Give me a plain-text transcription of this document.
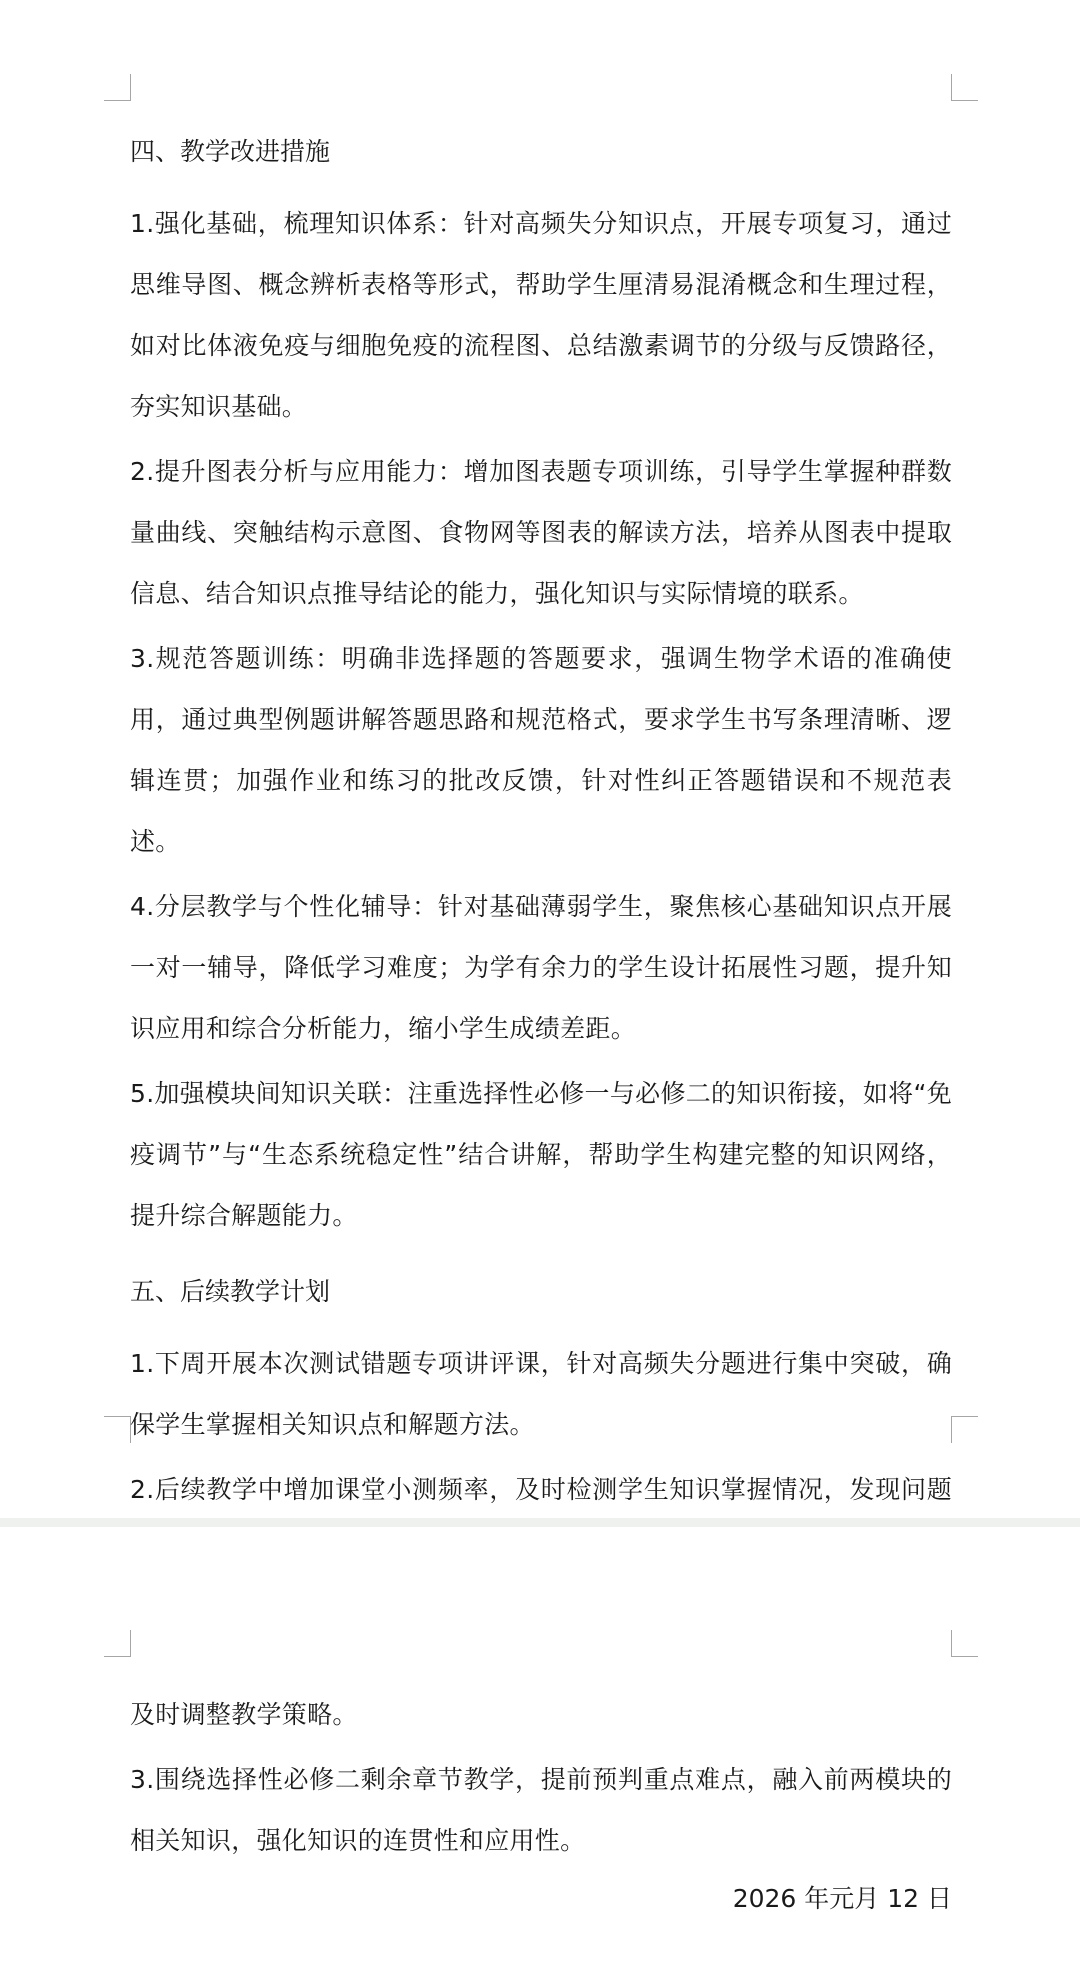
四、教学改进措施

1.强化基础，梳理知识体系：针对高频失分知识点，开展专项复习，通过思维导图、概念辨析表格等形式，帮助学生厘清易混淆概念和生理过程，如对比体液免疫与细胞免疫的流程图、总结激素调节的分级与反馈路径，夯实知识基础。

2.提升图表分析与应用能力：增加图表题专项训练，引导学生掌握种群数量曲线、突触结构示意图、食物网等图表的解读方法，培养从图表中提取信息、结合知识点推导结论的能力，强化知识与实际情境的联系。

3.规范答题训练：明确非选择题的答题要求，强调生物学术语的准确使用，通过典型例题讲解答题思路和规范格式，要求学生书写条理清晰、逻辑连贯；加强作业和练习的批改反馈，针对性纠正答题错误和不规范表述。

4.分层教学与个性化辅导：针对基础薄弱学生，聚焦核心基础知识点开展一对一辅导，降低学习难度；为学有余力的学生设计拓展性习题，提升知识应用和综合分析能力，缩小学生成绩差距。

5.加强模块间知识关联：注重选择性必修一与必修二的知识衔接，如将“免疫调节”与“生态系统稳定性”结合讲解，帮助学生构建完整的知识网络，提升综合解题能力。

五、后续教学计划

1.下周开展本次测试错题专项讲评课，针对高频失分题进行集中突破，确保学生掌握相关知识点和解题方法。

2.后续教学中增加课堂小测频率，及时检测学生知识掌握情况，发现问题

及时调整教学策略。

3.围绕选择性必修二剩余章节教学，提前预判重点难点，融入前两模块的相关知识，强化知识的连贯性和应用性。

2026 年元月 12 日
